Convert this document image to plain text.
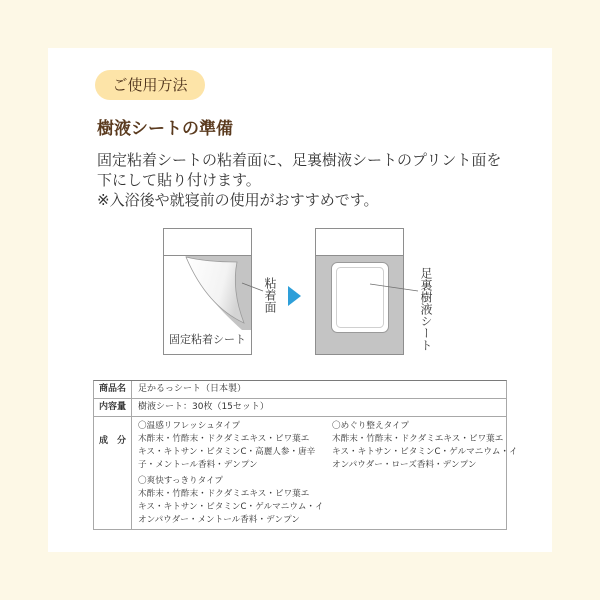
ご使用方法
樹液シートの準備
固定粘着シートの粘着面に、足裏樹液シートのプリント面を
下にして貼り付けます。
※入浴後や就寝前の使用がおすすめです。
固定粘着シート
粘着面	足裏樹液シート
商品名	足かるっシート（日本製）
内容量	樹液シート：30枚（15セット）
成　分
〇温感リフレッシュタイプ
木酢末・竹酢末・ドクダミエキス・ビワ葉エ
キス・キトサン・ビタミンC・高麗人参・唐辛
子・メントール香料・デンプン
〇爽快すっきりタイプ
木酢末・竹酢末・ドクダミエキス・ビワ葉エ
キス・キトサン・ビタミンC・ゲルマニウム・イ
オンパウダー・メントール香料・デンプン
〇めぐり整えタイプ
木酢末・竹酢末・ドクダミエキス・ビワ葉エ
キス・キトサン・ビタミンC・ゲルマニウム・イ
オンパウダー・ローズ香料・デンプン
